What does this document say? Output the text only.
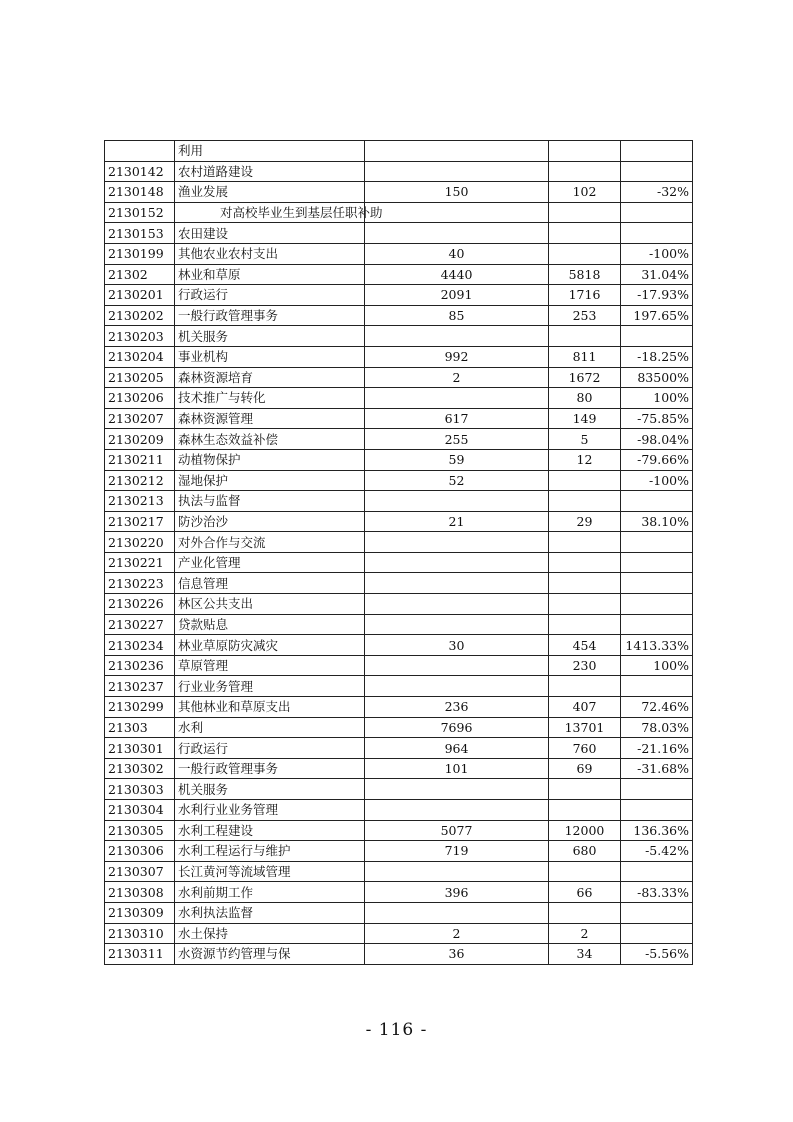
	利用			
2130142	农村道路建设			
2130148	渔业发展	150	102	-32%
2130152	对高校毕业生到基层任职补助			

2130153	农田建设			
2130199	其他农业农村支出	40		-100%
21302	林业和草原	4440	5818	31.04%
2130201	行政运行	2091	1716	-17.93%
2130202	一般行政管理事务	85	253	197.65%
2130203	机关服务			
2130204	事业机构	992	811	-18.25%
2130205	森林资源培育	2	1672	83500%
2130206	技术推广与转化		80	100%
2130207	森林资源管理	617	149	-75.85%
2130209	森林生态效益补偿	255	5	-98.04%
2130211	动植物保护	59	12	-79.66%
2130212	湿地保护	52		-100%
2130213	执法与监督			
2130217	防沙治沙	21	29	38.10%
2130220	对外合作与交流			
2130221	产业化管理			
2130223	信息管理			
2130226	林区公共支出			
2130227	贷款贴息			
2130234	林业草原防灾减灾	30	454	1413.33%
2130236	草原管理		230	100%
2130237	行业业务管理			
2130299	其他林业和草原支出	236	407	72.46%
21303	水利	7696	13701	78.03%
2130301	行政运行	964	760	-21.16%
2130302	一般行政管理事务	101	69	-31.68%
2130303	机关服务			
2130304	水利行业业务管理			
2130305	水利工程建设	5077	12000	136.36%
2130306	水利工程运行与维护	719	680	-5.42%
2130307	长江黄河等流域管理			
2130308	水利前期工作	396	66	-83.33%
2130309	水利执法监督			
2130310	水土保持	2	2	
2130311	水资源节约管理与保	36	34	-5.56%
- 116 -
